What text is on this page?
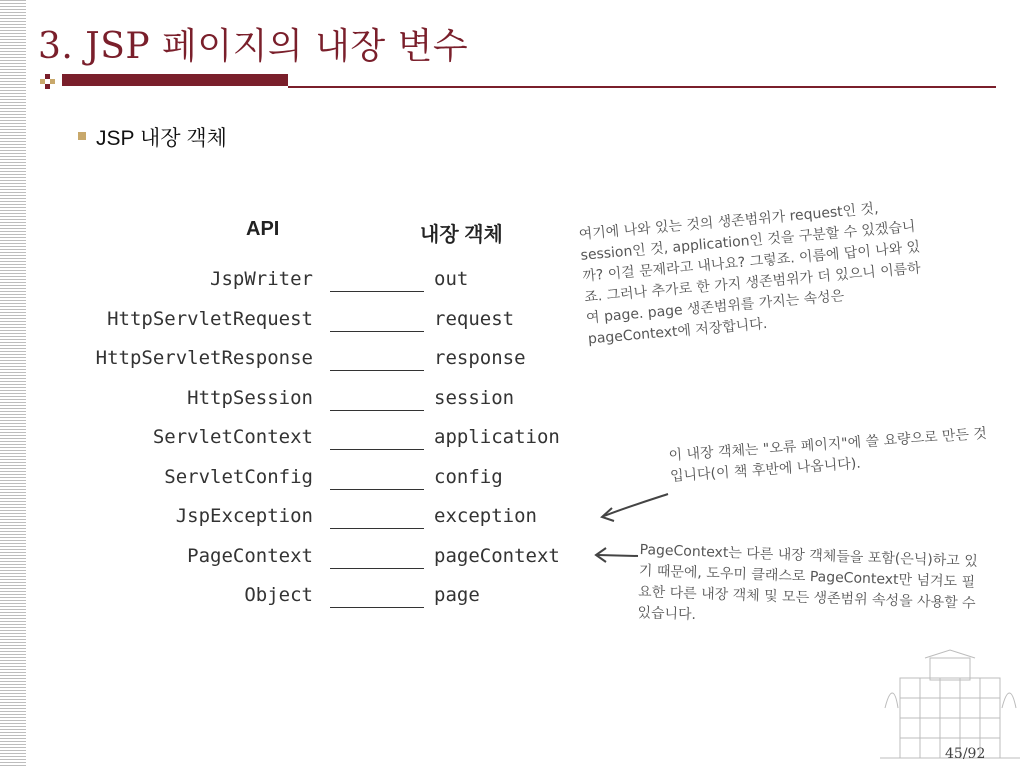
3. JSP 페이지의 내장 변수
JSP 내장 객체
API	내장 객체
JspWriter	out
HttpServletRequest	request
HttpServletResponse	response
HttpSession	session
ServletContext	application
ServletConfig	config
JspException	exception
PageContext	pageContext
Object	page
여기에 나와 있는 것의 생존범위가 request인 것, session인 것, application인 것을 구분할 수 있겠습니까? 이걸 문제라고 내나요? 그렇죠. 이름에 답이 나와 있죠. 그러나 추가로 한 가지 생존범위가 더 있으니 이름하여 page. page 생존범위를 가지는 속성은 pageContext에 저장합니다.
이 내장 객체는 "오류 페이지"에 쓸 요량으로 만든 것입니다(이 책 후반에 나옵니다).
PageContext는 다른 내장 객체들을 포함(은닉)하고 있기 때문에, 도우미 클래스로 PageContext만 넘겨도 필요한 다른 내장 객체 및 모든 생존범위 속성을 사용할 수 있습니다.
45/92
